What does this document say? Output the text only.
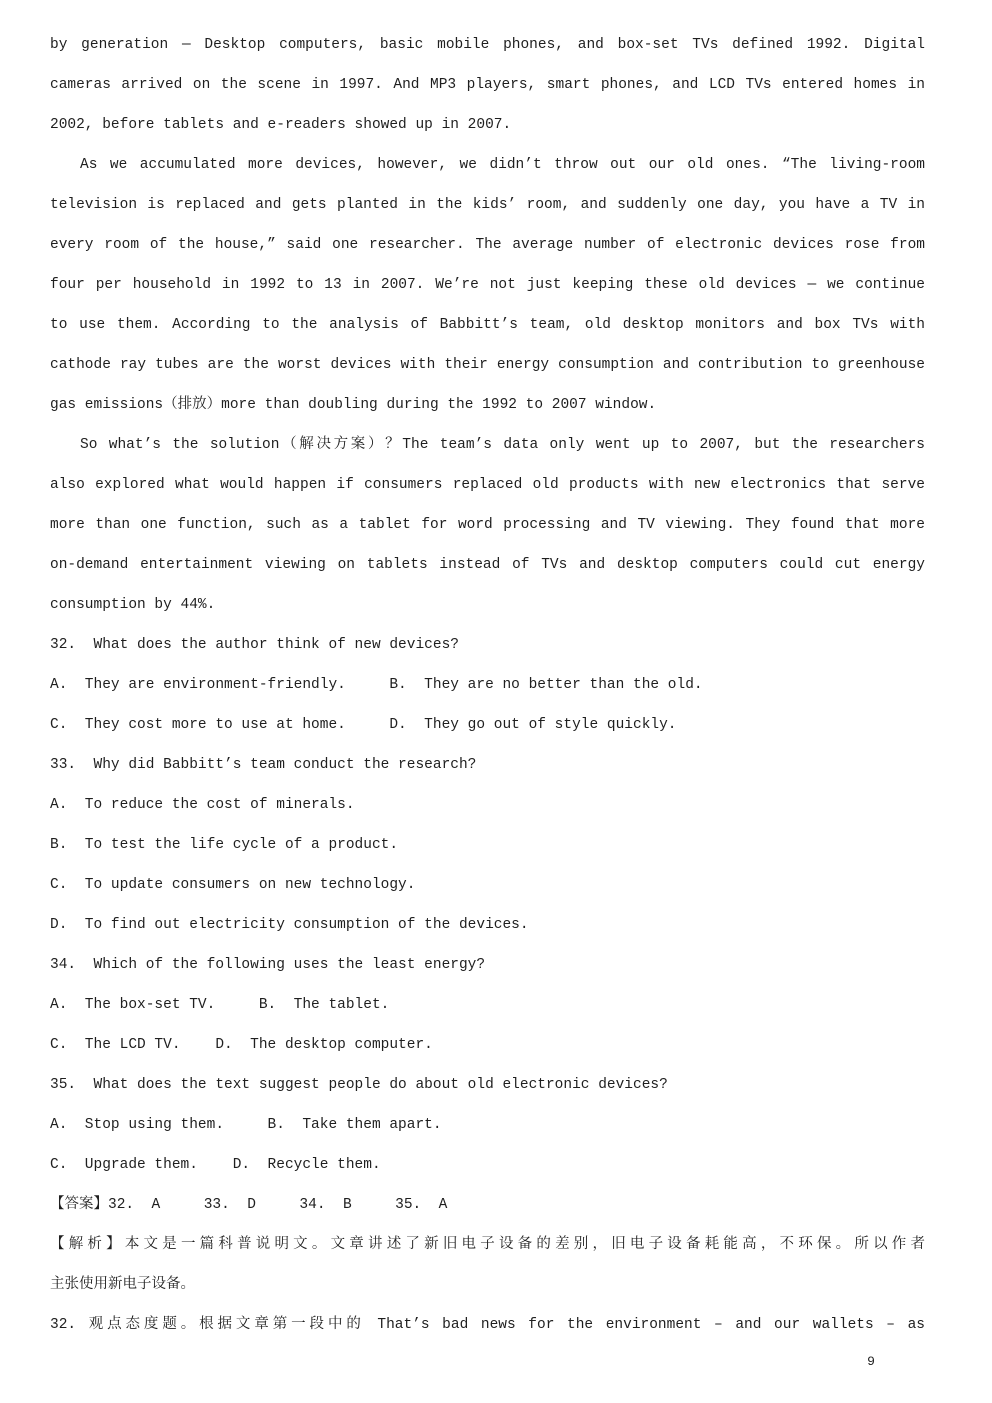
by generation — Desktop computers, basic mobile phones, and box-set TVs defined 1992. Digital
cameras arrived on the scene in 1997. And MP3 players, smart phones, and LCD TVs entered homes in
2002, before tablets and e-readers showed up in 2007.
As we accumulated more devices, however, we didn’t throw out our old ones. “The living-room
television is replaced and gets planted in the kids’ room, and suddenly one day, you have a TV in
every room of the house,” said one researcher. The average number of electronic devices rose from
four per household in 1992 to 13 in 2007. We’re not just keeping these old devices — we continue
to use them. According to the analysis of Babbitt’s team, old desktop monitors and box TVs with
cathode ray tubes are the worst devices with their energy consumption and contribution to greenhouse
gas emissions（排放）more than doubling during the 1992 to 2007 window.
So what’s the solution（解决方案）？The team’s data only went up to 2007, but the researchers
also explored what would happen if consumers replaced old products with new electronics that serve
more than one function, such as a tablet for word processing and TV viewing. They found that more
on-demand entertainment viewing on tablets instead of TVs and desktop computers could cut energy
consumption by 44%.
32.  What does the author think of new devices?
A.  They are environment-friendly.     B.  They are no better than the old.
C.  They cost more to use at home.     D.  They go out of style quickly.
33.  Why did Babbitt’s team conduct the research?
A.  To reduce the cost of minerals.
B.  To test the life cycle of a product.
C.  To update consumers on new technology.
D.  To find out electricity consumption of the devices.
34.  Which of the following uses the least energy?
A.  The box-set TV.     B.  The tablet.
C.  The LCD TV.    D.  The desktop computer.
35.  What does the text suggest people do about old electronic devices?
A.  Stop using them.     B.  Take them apart.
C.  Upgrade them.    D.  Recycle them.
【答案】32.  A     33.  D     34.  B     35.  A
【解析】本文是一篇科普说明文。文章讲述了新旧电子设备的差别，旧电子设备耗能高，不环保。所以作者
主张使用新电子设备。
32. 观点态度题。根据文章第一段中的 That’s bad news for the environment – and our wallets – as
9
